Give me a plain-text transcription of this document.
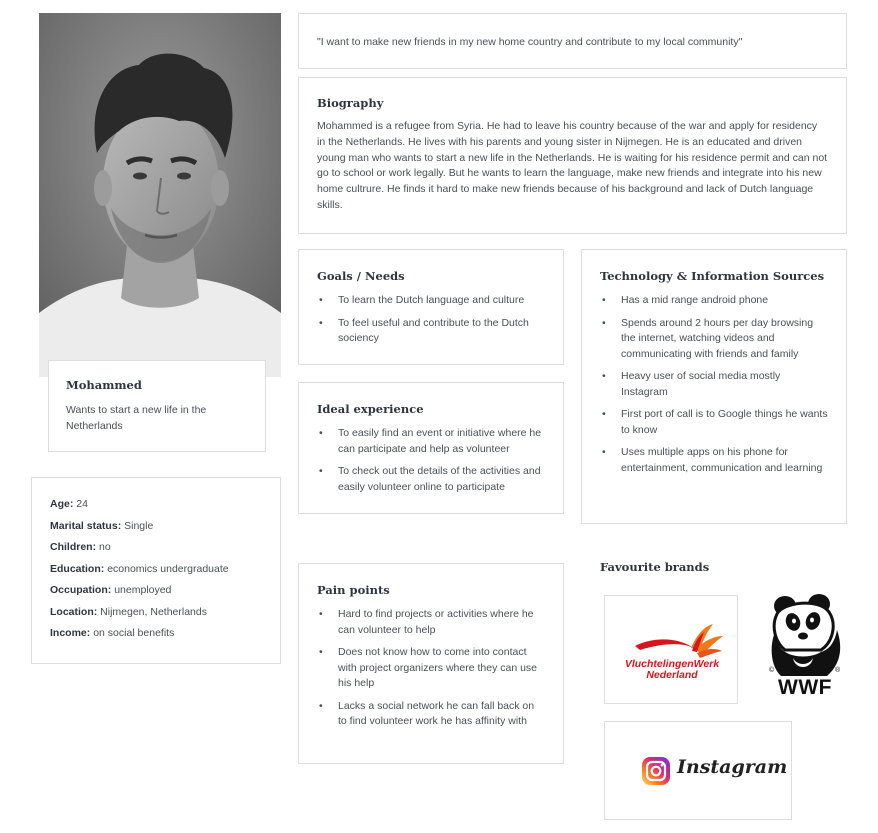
Mohammed
Wants to start a new life in the Netherlands
"I want to make new friends in my new home country and contribute to my local community"
Biography
Mohammed is a refugee from Syria. He had to leave his country because of the war and apply for residency in the Netherlands. He lives with his parents and young sister in Nijmegen. He is an educated and driven young man who wants to start a new life in the Netherlands. He is waiting for his residence permit and can not go to school or work legally. But he wants to learn the language, make new friends and integrate into his new home cultrure. He finds it hard to make new friends because of his background and lack of Dutch language skills.
Age: 24
Marital status: Single
Children: no
Education: economics undergraduate
Occupation: unemployed
Location: Nijmegen, Netherlands
Income: on social benefits
Goals / Needs
• To learn the Dutch language and culture
• To feel useful and contribute to the Dutch sociency
Ideal experience
• To easily find an event or initiative where he can participate and help as volunteer
• To check out the details of the activities and easily volunteer online to participate
Pain points
• Hard to find projects or activities where he can volunteer to help
• Does not know how to come into contact with project organizers where they can use his help
• Lacks a social network he can fall back on to find volunteer work he has affinity with
Technology & Information Sources
• Has a mid range android phone
• Spends around 2 hours per day browsing the internet, watching videos and communicating with friends and family
• Heavy user of social media mostly Instagram
• First port of call is to Google things he wants to know
• Uses multiple apps on his phone for entertainment, communication and learning
Favourite brands
VluchtelingenWerk
Nederland	©	®
WWF
Instagram
